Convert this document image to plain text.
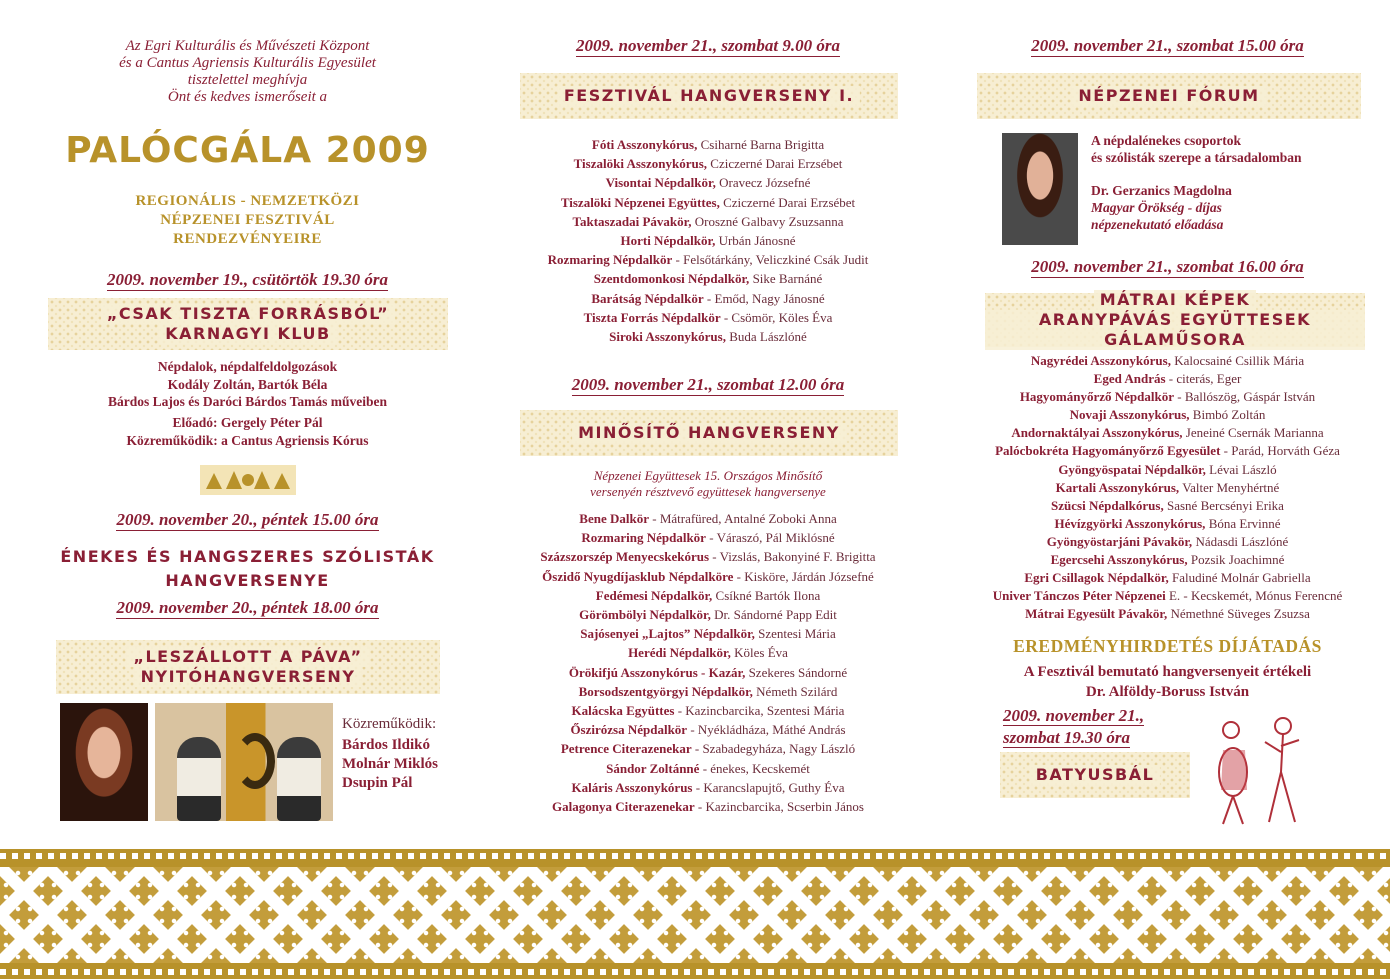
Az Egri Kulturális és Művészeti Központ
és a Cantus Agriensis Kulturális Egyesület
tisztelettel meghívja
Önt és kedves ismerőseit a
PALÓCGÁLA 2009
REGIONÁLIS - NEMZETKÖZI
NÉPZENEI FESZTIVÁL
RENDEZVÉNYEIRE
2009. november 19., csütörtök 19.30 óra
„CSAK TISZTA FORRÁSBÓL”
KARNAGYI KLUB
Népdalok, népdalfeldolgozások
Kodály Zoltán, Bartók Béla
Bárdos Lajos és Daróci Bárdos Tamás műveiben
Előadó: Gergely Péter Pál
Közreműködik: a Cantus Agriensis Kórus
2009. november 20., péntek 15.00 óra
ÉNEKES ÉS HANGSZERES SZÓLISTÁK
HANGVERSENYE
2009. november 20., péntek 18.00 óra
„LESZÁLLOTT A PÁVA”
NYITÓHANGVERSENY
Közreműködik:
Bárdos Ildikó
Molnár Miklós
Dsupin Pál
2009. november 21., szombat 9.00 óra
FESZTIVÁL HANGVERSENY I.
Fóti Asszonykórus, Csiharné Barna Brigitta
Tiszalöki Asszonykórus, Cziczerné Darai Erzsébet
Visontai Népdalkör, Oravecz Józsefné
Tiszalöki Népzenei Együttes, Cziczerné Darai Erzsébet
Taktaszadai Pávakör, Oroszné Galbavy Zsuzsanna
Horti Népdalkör, Urbán Jánosné
Rozmaring Népdalkör - Felsőtárkány, Veliczkiné Csák Judit
Szentdomonkosi Népdalkör, Sike Barnáné
Barátság Népdalkör - Emőd, Nagy Jánosné
Tiszta Forrás Népdalkör - Csömör, Köles Éva
Siroki Asszonykórus, Buda Lászlóné
2009. november 21., szombat 12.00 óra
MINŐSÍTŐ HANGVERSENY
Népzenei Együttesek 15. Országos Minősítő
versenyén résztvevő együttesek hangversenye
Bene Dalkör - Mátrafüred, Antalné Zoboki Anna
Rozmaring Népdalkör - Váraszó, Pál Miklósné
Százszorszép Menyecskekórus - Vizslás, Bakonyiné F. Brigitta
Őszidő Nyugdíjasklub Népdalköre - Kisköre, Járdán Józsefné
Fedémesi Népdalkör, Csíkné Bartók Ilona
Görömbölyi Népdalkör, Dr. Sándorné Papp Edit
Sajósenyei „Lajtos” Népdalkör, Szentesi Mária
Herédi Népdalkör, Köles Éva
Örökifjú Asszonykórus - Kazár, Szekeres Sándorné
Borsodszentgyörgyi Népdalkör, Németh Szilárd
Kalácska Együttes - Kazincbarcika, Szentesi Mária
Őszirózsa Népdalkör - Nyékládháza, Máthé András
Petrence Citerazenekar - Szabadegyháza, Nagy László
Sándor Zoltánné - énekes, Kecskemét
Kaláris Asszonykórus - Karancslapujtő, Guthy Éva
Galagonya Citerazenekar - Kazincbarcika, Scserbin János
2009. november 21., szombat 15.00 óra
NÉPZENEI FÓRUM
A népdalénekes csoportok
és szólisták szerepe a társadalomban
Dr. Gerzanics Magdolna
Magyar Örökség - díjas
népzenekutató előadása
2009. november 21., szombat 16.00 óra
MÁTRAI KÉPEK
ARANYPÁVÁS EGYÜTTESEK GÁLAMŰSORA
Nagyrédei Asszonykórus, Kalocsainé Csillik Mária
Eged András - citerás, Eger
Hagyományőrző Népdalkör - Ballószög, Gáspár István
Novaji Asszonykórus, Bimbó Zoltán
Andornaktályai Asszonykórus, Jeneiné Csernák Marianna
Palócbokréta Hagyományőrző Egyesület - Parád, Horváth Géza
Gyöngyöspatai Népdalkör, Lévai László
Kartali Asszonykórus, Valter Menyhértné
Szücsi Népdalkórus, Sasné Bercsényi Erika
Hévízgyörki Asszonykórus, Bóna Ervinné
Gyöngyöstarjáni Pávakör, Nádasdi Lászlóné
Egercsehi Asszonykórus, Pozsik Joachimné
Egri Csillagok Népdalkör, Faludiné Molnár Gabriella
Univer Tánczos Péter Népzenei E. - Kecskemét, Mónus Ferencné
Mátrai Egyesült Pávakör, Némethné Süveges Zsuzsa
EREDMÉNYHIRDETÉS DÍJÁTADÁS
A Fesztivál bemutató hangversenyeit értékeli
Dr. Alföldy-Boruss István
2009. november 21.,
szombat 19.30 óra
BATYUSBÁL
